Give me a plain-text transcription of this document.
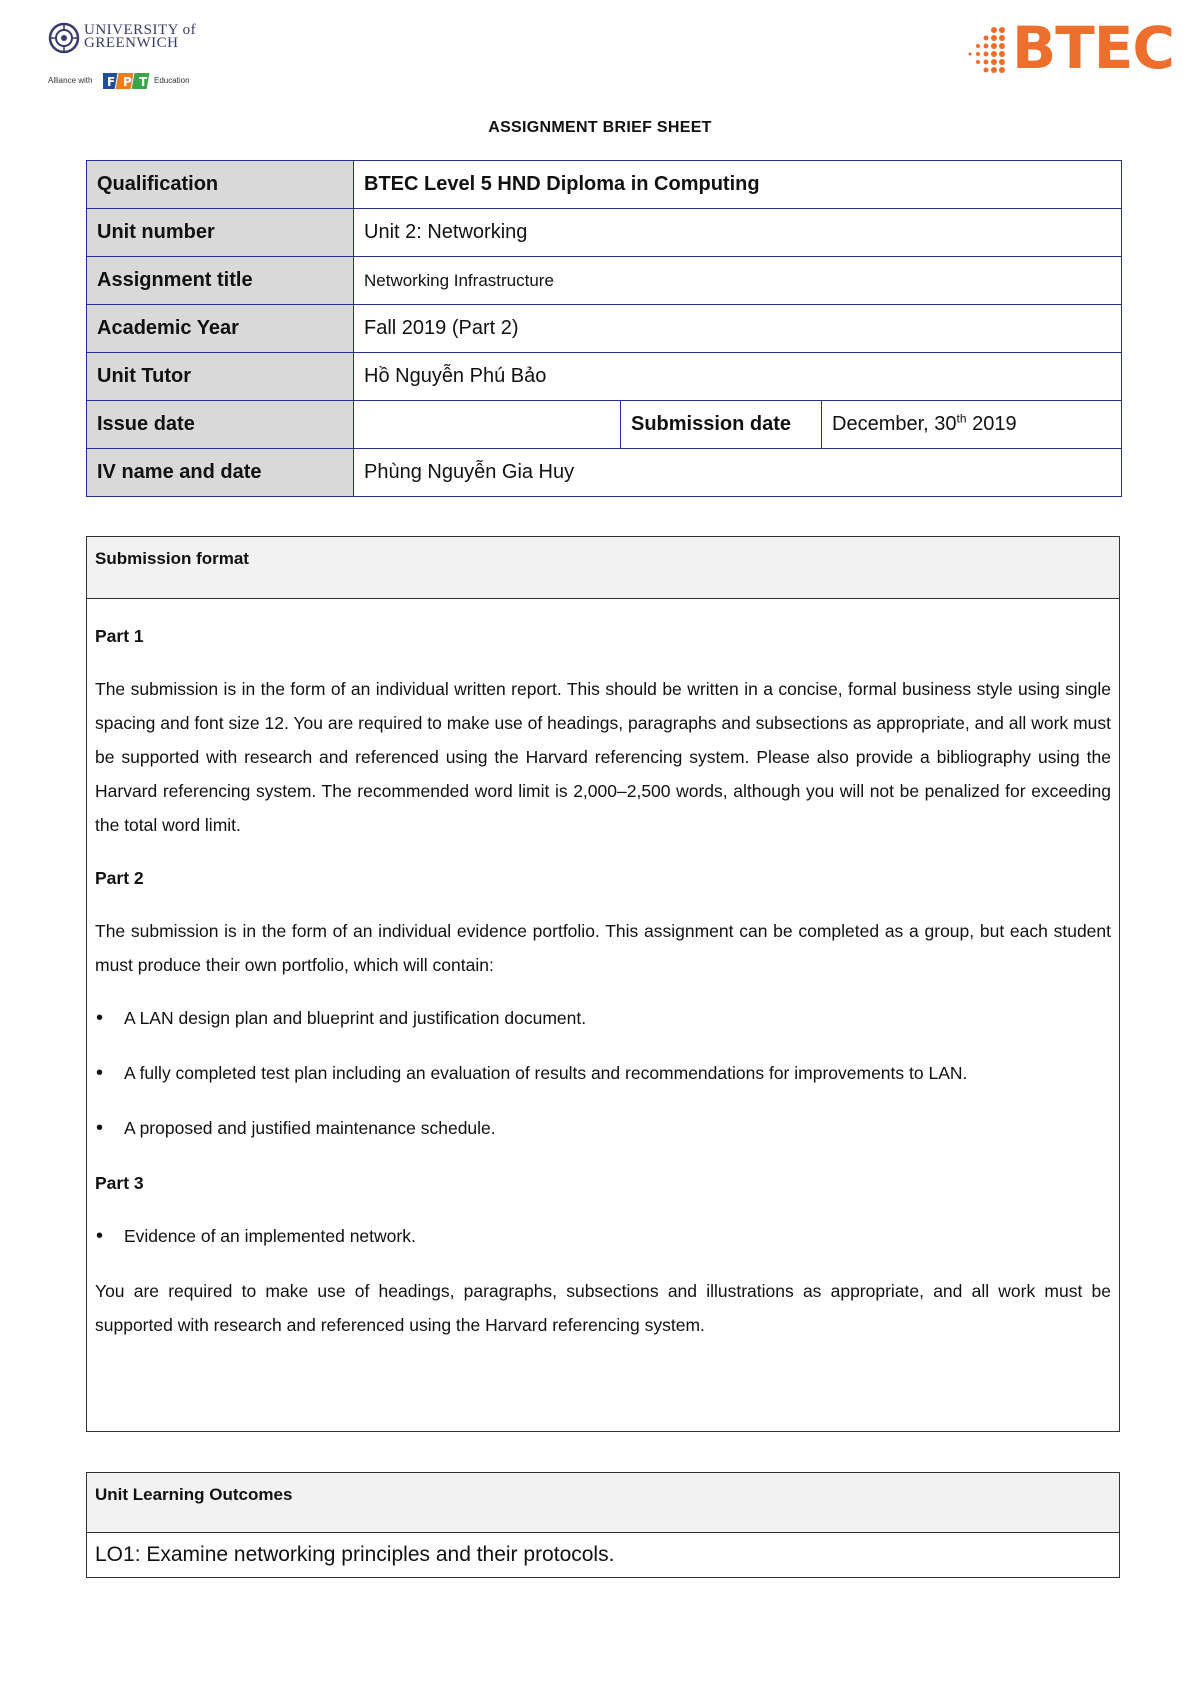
UNIVERSITY of
GREENWICH
Alliance with F P T Education	BTEC
ASSIGNMENT BRIEF SHEET
Qualification	BTEC Level 5 HND Diploma in Computing		
Unit number	Unit 2: Networking		
Assignment title	Networking Infrastructure		
Academic Year	Fall 2019 (Part 2)		
Unit Tutor	Hồ Nguyễn Phú Bảo		
Issue date		Submission date	December, 30th 2019
IV name and date	Phùng Nguyễn Gia Huy		
Submission format

Part 1

The submission is in the form of an individual written report. This should be written in a concise, formal business style using single spacing and font size 12. You are required to make use of headings, paragraphs and subsections as appropriate, and all work must be supported with research and referenced using the Harvard referencing system. Please also provide a bibliography using the Harvard referencing system. The recommended word limit is 2,000–2,500 words, although you will not be penalized for exceeding the total word limit.

Part 2

The submission is in the form of an individual evidence portfolio. This assignment can be completed as a group, but each student must produce their own portfolio, which will contain:

• A LAN design plan and blueprint and justification document.
• A fully completed test plan including an evaluation of results and recommendations for improvements to LAN.
• A proposed and justified maintenance schedule.

Part 3

• Evidence of an implemented network.

You are required to make use of headings, paragraphs, subsections and illustrations as appropriate, and all work must be supported with research and referenced using the Harvard referencing system.

Unit Learning Outcomes
LO1: Examine networking principles and their protocols.
